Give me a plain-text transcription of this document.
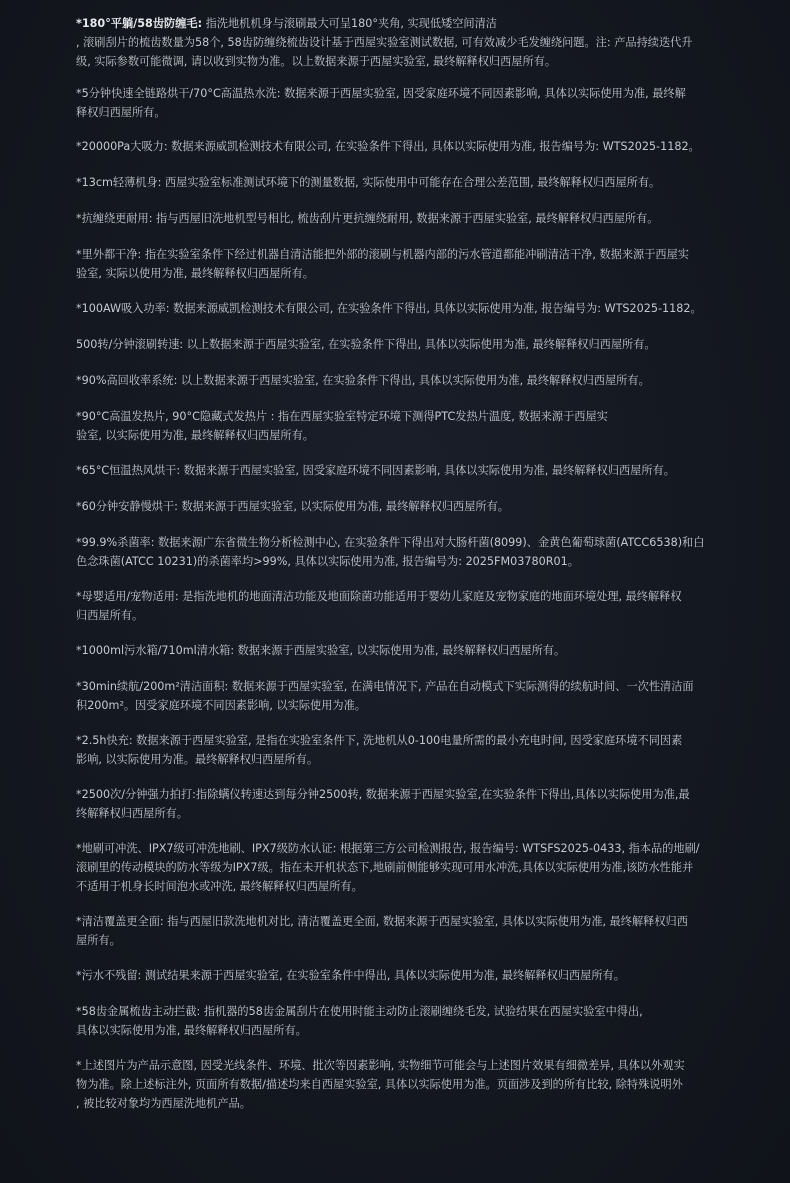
*180°平躺/58齿防缠毛: 指洗地机机身与滚刷最大可呈180°夹角, 实现低矮空间清洁
, 滚刷刮片的梳齿数量为58个, 58齿防缠绕梳齿设计基于西屋实验室测试数据, 可有效减少毛发缠绕问题。注: 产品持续迭代升
级, 实际参数可能微调, 请以收到实物为准。以上数据来源于西屋实验室, 最终解释权归西屋所有。

*5分钟快速全链路烘干/70°C高温热水洗: 数据来源于西屋实验室, 因受家庭环境不同因素影响, 具体以实际使用为准, 最终解
释权归西屋所有。

*20000Pa大吸力: 数据来源威凯检测技术有限公司, 在实验条件下得出, 具体以实际使用为准, 报告编号为: WTS2025-1182。

*13cm轻薄机身: 西屋实验室标准测试环境下的测量数据, 实际使用中可能存在合理公差范围, 最终解释权归西屋所有。

*抗缠绕更耐用: 指与西屋旧洗地机型号相比, 梳齿刮片更抗缠绕耐用, 数据来源于西屋实验室, 最终解释权归西屋所有。

*里外都干净: 指在实验室条件下经过机器自清洁能把外部的滚刷与机器内部的污水管道都能冲刷清洁干净, 数据来源于西屋实
验室, 实际以使用为准, 最终解释权归西屋所有。

*100AW吸入功率: 数据来源威凯检测技术有限公司, 在实验条件下得出, 具体以实际使用为准, 报告编号为: WTS2025-1182。

500转/分钟滚刷转速: 以上数据来源于西屋实验室, 在实验条件下得出, 具体以实际使用为准, 最终解释权归西屋所有。

*90%高回收率系统: 以上数据来源于西屋实验室, 在实验条件下得出, 具体以实际使用为准, 最终解释权归西屋所有。

*90°C高温发热片, 90°C隐藏式发热片 : 指在西屋实验室特定环境下测得PTC发热片温度, 数据来源于西屋实
验室, 以实际使用为准, 最终解释权归西屋所有。

*65°C恒温热风烘干: 数据来源于西屋实验室, 因受家庭环境不同因素影响, 具体以实际使用为准, 最终解释权归西屋所有。

*60分钟安静慢烘干: 数据来源于西屋实验室, 以实际使用为准, 最终解释权归西屋所有。

*99.9%杀菌率: 数据来源广东省微生物分析检测中心, 在实验条件下得出对大肠杆菌(8099)、金黄色葡萄球菌(ATCC6538)和白
色念珠菌(ATCC 10231)的杀菌率均>99%, 具体以实际使用为准, 报告编号为: 2025FM03780R01。

*母婴适用/宠物适用: 是指洗地机的地面清洁功能及地面除菌功能适用于婴幼儿家庭及宠物家庭的地面环境处理, 最终解释权
归西屋所有。

*1000ml污水箱/710ml清水箱: 数据来源于西屋实验室, 以实际使用为准, 最终解释权归西屋所有。

*30min续航/200m²清洁面积: 数据来源于西屋实验室, 在满电情况下, 产品在自动模式下实际测得的续航时间、一次性清洁面
积200m²。因受家庭环境不同因素影响, 以实际使用为准。

*2.5h快充: 数据来源于西屋实验室, 是指在实验室条件下, 洗地机从0-100电量所需的最小充电时间, 因受家庭环境不同因素
影响, 以实际使用为准。最终解释权归西屋所有。

*2500次/分钟强力拍打:指除螨仪转速达到每分钟2500转, 数据来源于西屋实验室,在实验条件下得出,具体以实际使用为准,最
终解释权归西屋所有。

*地刷可冲洗、IPX7级可冲洗地刷、IPX7级防水认证: 根据第三方公司检测报告, 报告编号: WTSFS2025-0433, 指本品的地刷/
滚刷里的传动模块的防水等级为IPX7级。指在未开机状态下,地刷前侧能够实现可用水冲洗,具体以实际使用为准,该防水性能并
不适用于机身长时间泡水或冲洗, 最终解释权归西屋所有。

*清洁覆盖更全面: 指与西屋旧款洗地机对比, 清洁覆盖更全面, 数据来源于西屋实验室, 具体以实际使用为准, 最终解释权归西
屋所有。

*污水不残留: 测试结果来源于西屋实验室, 在实验室条件中得出, 具体以实际使用为准, 最终解释权归西屋所有。

*58齿金属梳齿主动拦截: 指机器的58齿金属刮片在使用时能主动防止滚刷缠绕毛发, 试验结果在西屋实验室中得出,
具体以实际使用为准, 最终解释权归西屋所有。

*上述图片为产品示意图, 因受光线条件、环境、批次等因素影响, 实物细节可能会与上述图片效果有细微差异, 具体以外观实
物为准。除上述标注外, 页面所有数据/描述均来自西屋实验室, 具体以实际使用为准。页面涉及到的所有比较, 除特殊说明外
, 被比较对象均为西屋洗地机产品。
